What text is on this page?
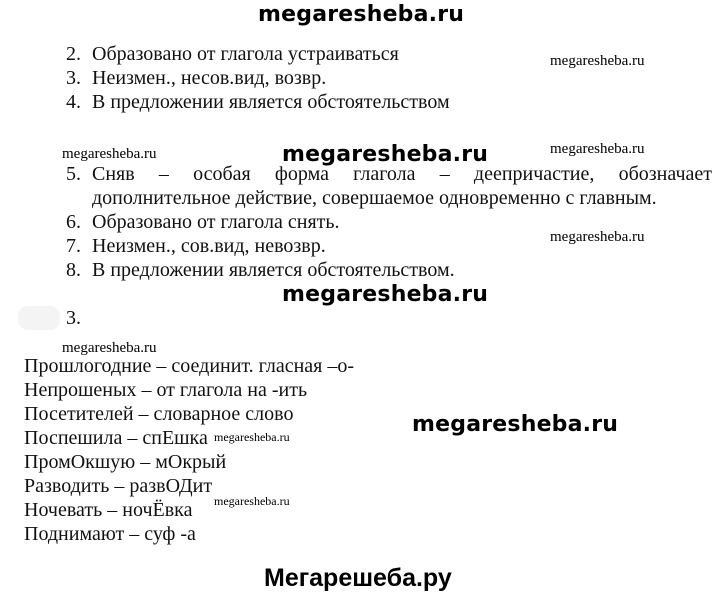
megaresheba.ru
megaresheba.ru
megaresheba.ru	megaresheba.ru	megaresheba.ru
megaresheba.ru
megaresheba.ru
megaresheba.ru
megaresheba.ru
megaresheba.ru
megaresheba.ru
2. Образовано от глагола устраиваться
3. Неизмен., несов.вид, возвр.
4. В предложении является обстоятельством
5. Сняв – особая форма глагола – деепричастие, обозначает дополнительное действие, совершаемое одновременно с главным.
6. Образовано от глагола снять.
7. Неизмен., сов.вид, невозвр.
8. В предложении является обстоятельством.
3.
Прошлогодние – соединит. гласная –о-
Непрошеных – от глагола на -ить
Посетителей – словарное слово
Поспешила – спЕшка
ПромОкшую – мОкрый
Разводить – развОДит
Ночевать – ночЁвка
Поднимают – суф -а
Мегарешеба.ру
